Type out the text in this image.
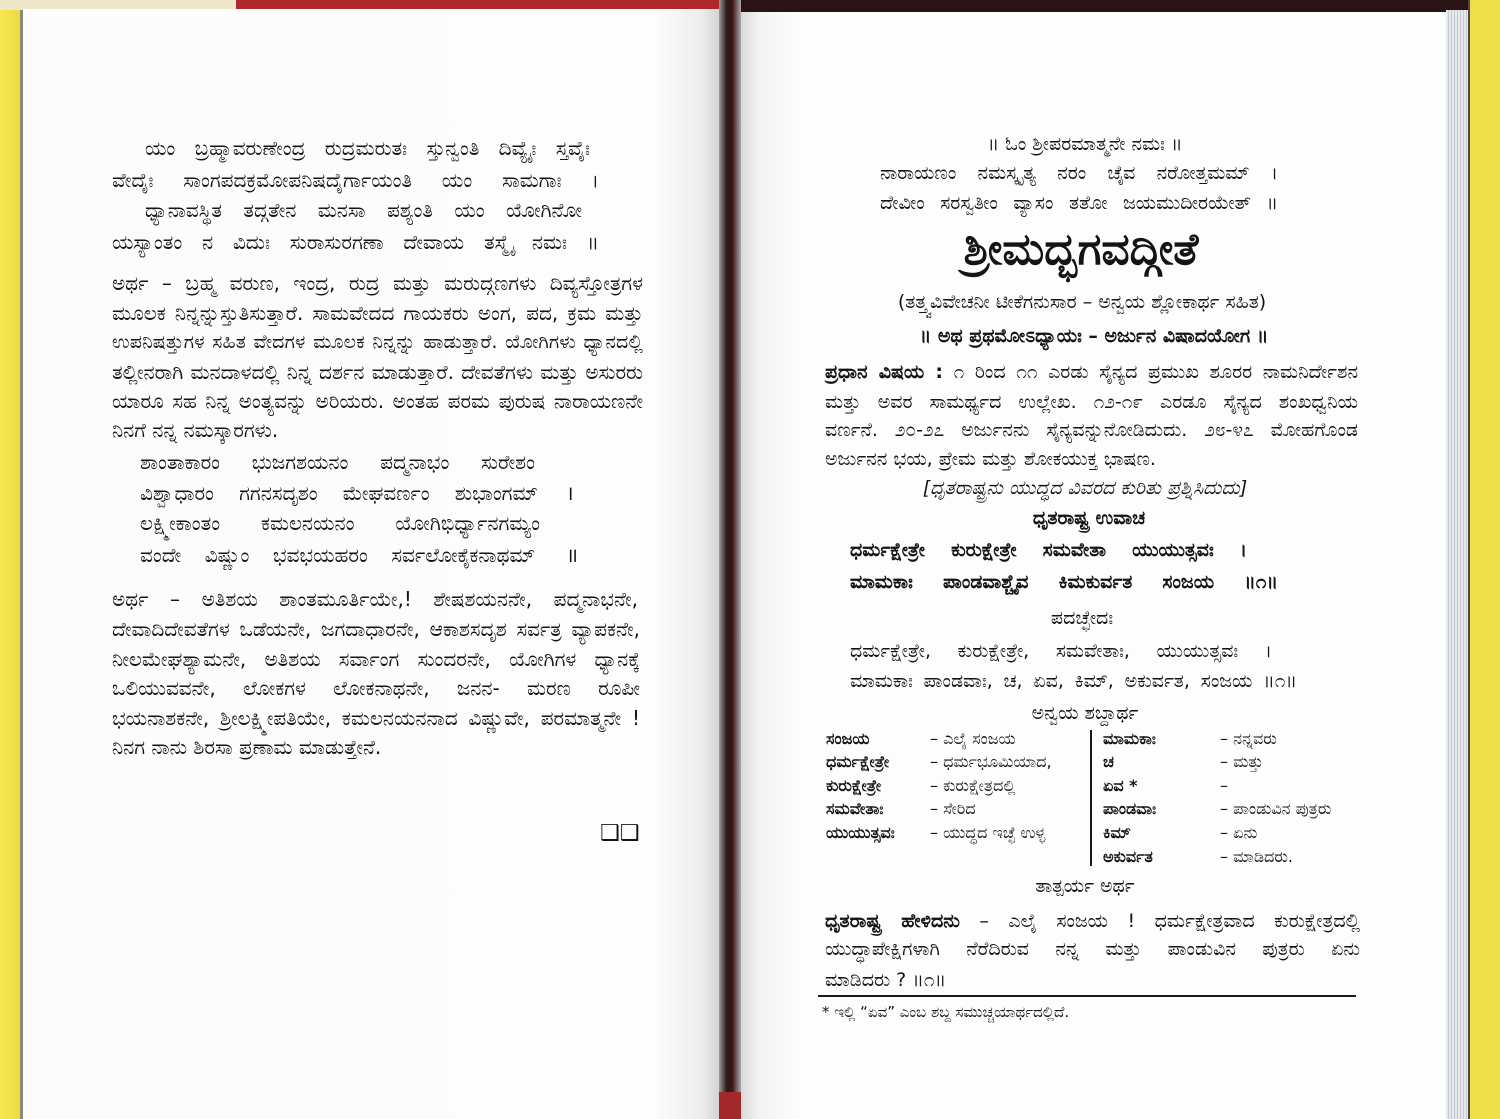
ಯಂ ಬ್ರಹ್ಮಾವರುಣೇಂದ್ರ ರುದ್ರಮರುತಃ ಸ್ತುನ್ವಂತಿ ದಿವ್ಯೈಃ ಸ್ತವೈಃ
ವೇದೈಃ ಸಾಂಗಪದಕ್ರಮೋಪನಿಷದೈರ್ಗಾಯಂತಿ ಯಂ ಸಾಮಗಾಃ ।
ಧ್ಯಾನಾವಸ್ಥಿತ ತದ್ಗತೇನ ಮನಸಾ ಪಶ್ಯಂತಿ ಯಂ ಯೋಗಿನೋ
ಯಸ್ಯಾಂತಂ ನ ವಿದುಃ ಸುರಾಸುರಗಣಾ ದೇವಾಯ ತಸ್ಮೈ ನಮಃ ॥
ಅರ್ಥ – ಬ್ರಹ್ಮ ವರುಣ, ಇಂದ್ರ, ರುದ್ರ ಮತ್ತು ಮರುದ್ಗಣಗಳು ದಿವ್ಯಸ್ತೋತ್ರಗಳ
ಮೂಲಕ ನಿನ್ನನ್ನುಸ್ತುತಿಸುತ್ತಾರೆ. ಸಾಮವೇದದ ಗಾಯಕರು ಅಂಗ, ಪದ, ಕ್ರಮ ಮತ್ತು
ಉಪನಿಷತ್ತುಗಳ ಸಹಿತ ವೇದಗಳ ಮೂಲಕ ನಿನ್ನನ್ನು ಹಾಡುತ್ತಾರೆ. ಯೋಗಿಗಳು ಧ್ಯಾನದಲ್ಲಿ
ತಲ್ಲೀನರಾಗಿ ಮನದಾಳದಲ್ಲಿ ನಿನ್ನ ದರ್ಶನ ಮಾಡುತ್ತಾರೆ. ದೇವತೆಗಳು ಮತ್ತು ಅಸುರರು
ಯಾರೂ ಸಹ ನಿನ್ನ ಅಂತ್ಯವನ್ನು ಅರಿಯರು. ಅಂತಹ ಪರಮ ಪುರುಷ ನಾರಾಯಣನೇ
ನಿನಗೆ ನನ್ನ ನಮಸ್ಕಾರಗಳು.
ಶಾಂತಾಕಾರಂ ಭುಜಗಶಯನಂ ಪದ್ಮನಾಭಂ ಸುರೇಶಂ
ವಿಶ್ವಾಧಾರಂ ಗಗನಸದೃಶಂ ಮೇಘವರ್ಣಂ ಶುಭಾಂಗಮ್ ।
ಲಕ್ಷ್ಮೀಕಾಂತಂ ಕಮಲನಯನಂ ಯೋಗಿಭಿರ್ಧ್ಯಾನಗಮ್ಯಂ
ವಂದೇ ವಿಷ್ಣುಂ ಭವಭಯಹರಂ ಸರ್ವಲೋಕೈಕನಾಥಮ್ ॥
ಅರ್ಥ – ಅತಿಶಯ ಶಾಂತಮೂರ್ತಿಯೇ,! ಶೇಷಶಯನನೇ, ಪದ್ಮನಾಭನೇ,
ದೇವಾದಿದೇವತೆಗಳ ಒಡೆಯನೇ, ಜಗದಾಧಾರನೇ, ಆಕಾಶಸದೃಶ ಸರ್ವತ್ರ ವ್ಯಾಪಕನೇ,
ನೀಲಮೇಘಶ್ಯಾಮನೇ, ಅತಿಶಯ ಸರ್ವಾಂಗ ಸುಂದರನೇ, ಯೋಗಿಗಳ ಧ್ಯಾನಕ್ಕೆ
ಒಲಿಯುವವನೇ, ಲೋಕಗಳ ಲೋಕನಾಥನೇ, ಜನನ- ಮರಣ ರೂಪೀ
ಭಯನಾಶಕನೇ, ಶ್ರೀಲಕ್ಷ್ಮೀಪತಿಯೇ, ಕಮಲನಯನನಾದ ವಿಷ್ಣುವೇ, ಪರಮಾತ್ಮನೇ !
ನಿನಗ ನಾನು ಶಿರಸಾ ಪ್ರಣಾಮ ಮಾಡುತ್ತೇನೆ.
❑❑
॥ ಓಂ ಶ್ರೀಪರಮಾತ್ಮನೇ ನಮಃ ॥
ನಾರಾಯಣಂ ನಮಸ್ಕೃತ್ಯ ನರಂ ಚೈವ ನರೋತ್ತಮಮ್ ।
ದೇವೀಂ ಸರಸ್ವತೀಂ ವ್ಯಾಸಂ ತತೋ ಜಯಮುದೀರಯೇತ್ ॥
ಶ್ರೀಮದ್ಭಗವದ್ಗೀತೆ
(ತತ್ತ್ವವಿವೇಚನೀ ಟೀಕೆಗನುಸಾರ – ಅನ್ವಯ ಶ್ಲೋಕಾರ್ಥ ಸಹಿತ)
॥ ಅಥ ಪ್ರಥಮೋಽಧ್ಯಾಯಃ – ಅರ್ಜುನ ವಿಷಾದಯೋಗ ॥
ಪ್ರಧಾನ ವಿಷಯ : ೧ ರಿಂದ ೧೧ ಎರಡು ಸೈನ್ಯದ ಪ್ರಮುಖ ಶೂರರ ನಾಮನಿರ್ದೇಶನ
ಮತ್ತು ಅವರ ಸಾಮರ್ಥ್ಯದ ಉಲ್ಲೇಖ. ೧೨-೧೯ ಎರಡೂ ಸೈನ್ಯದ ಶಂಖಧ್ವನಿಯ
ವರ್ಣನೆ. ೨೦-೨೭ ಅರ್ಜುನನು ಸೈನ್ಯವನ್ನುನೋಡಿದುದು. ೨೮-೪೭ ಮೋಹಗೊಂಡ
ಅರ್ಜುನನ ಭಯ, ಪ್ರೇಮ ಮತ್ತು ಶೋಕಯುಕ್ತ ಭಾಷಣ.
[ಧೃತರಾಷ್ಟ್ರನು ಯುದ್ಧದ ವಿವರದ ಕುರಿತು ಪ್ರಶ್ನಿಸಿದುದು]
ಧೃತರಾಷ್ಟ್ರ ಉವಾಚ
ಧರ್ಮಕ್ಷೇತ್ರೇ ಕುರುಕ್ಷೇತ್ರೇ ಸಮವೇತಾ ಯುಯುತ್ಸವಃ ।
ಮಾಮಕಾಃ ಪಾಂಡವಾಶ್ಚೈವ ಕಿಮಕುರ್ವತ ಸಂಜಯ ॥೧॥
ಪದಚ್ಛೇದಃ
ಧರ್ಮಕ್ಷೇತ್ರೇ, ಕುರುಕ್ಷೇತ್ರೇ, ಸಮವೇತಾಃ, ಯುಯುತ್ಸವಃ ।
ಮಾಮಕಾಃ ಪಾಂಡವಾಃ, ಚ, ಏವ, ಕಿಮ್, ಅಕುರ್ವತ, ಸಂಜಯ ॥೧॥
ಅನ್ವಯ ಶಬ್ದಾರ್ಥ
ಸಂಜಯ	– ಎಲೈ ಸಂಜಯ
ಧರ್ಮಕ್ಷೇತ್ರೇ	– ಧರ್ಮಭೂಮಿಯಾದ,
ಕುರುಕ್ಷೇತ್ರೇ	– ಕುರುಕ್ಷೇತ್ರದಲ್ಲಿ
ಸಮವೇತಾಃ	– ಸೇರಿದ
ಯುಯುತ್ಸವಃ	– ಯುದ್ಧದ ಇಚ್ಛೆ ಉಳ್ಳ
ಮಾಮಕಾಃ	– ನನ್ನವರು
ಚ	– ಮತ್ತು
ಏವ *	–
ಪಾಂಡವಾಃ	– ಪಾಂಡುವಿನ ಪುತ್ರರು
ಕಿಮ್	– ಏನು
ಅಕುರ್ವತ	– ಮಾಡಿದರು.
ತಾತ್ಪರ್ಯ ಅರ್ಥ
ಧೃತರಾಷ್ಟ್ರ ಹೇಳಿದನು – ಎಲೈ ಸಂಜಯ ! ಧರ್ಮಕ್ಷೇತ್ರವಾದ ಕುರುಕ್ಷೇತ್ರದಲ್ಲಿ
ಯುದ್ಧಾಪೇಕ್ಷಿಗಳಾಗಿ ನೆರೆದಿರುವ ನನ್ನ ಮತ್ತು ಪಾಂಡುವಿನ ಪುತ್ರರು ಏನು
ಮಾಡಿದರು ? ॥೧॥
* ಇಲ್ಲಿ “ಏವ” ಎಂಬ ಶಬ್ದ ಸಮುಚ್ಚಯಾರ್ಥದಲ್ಲಿದೆ.
